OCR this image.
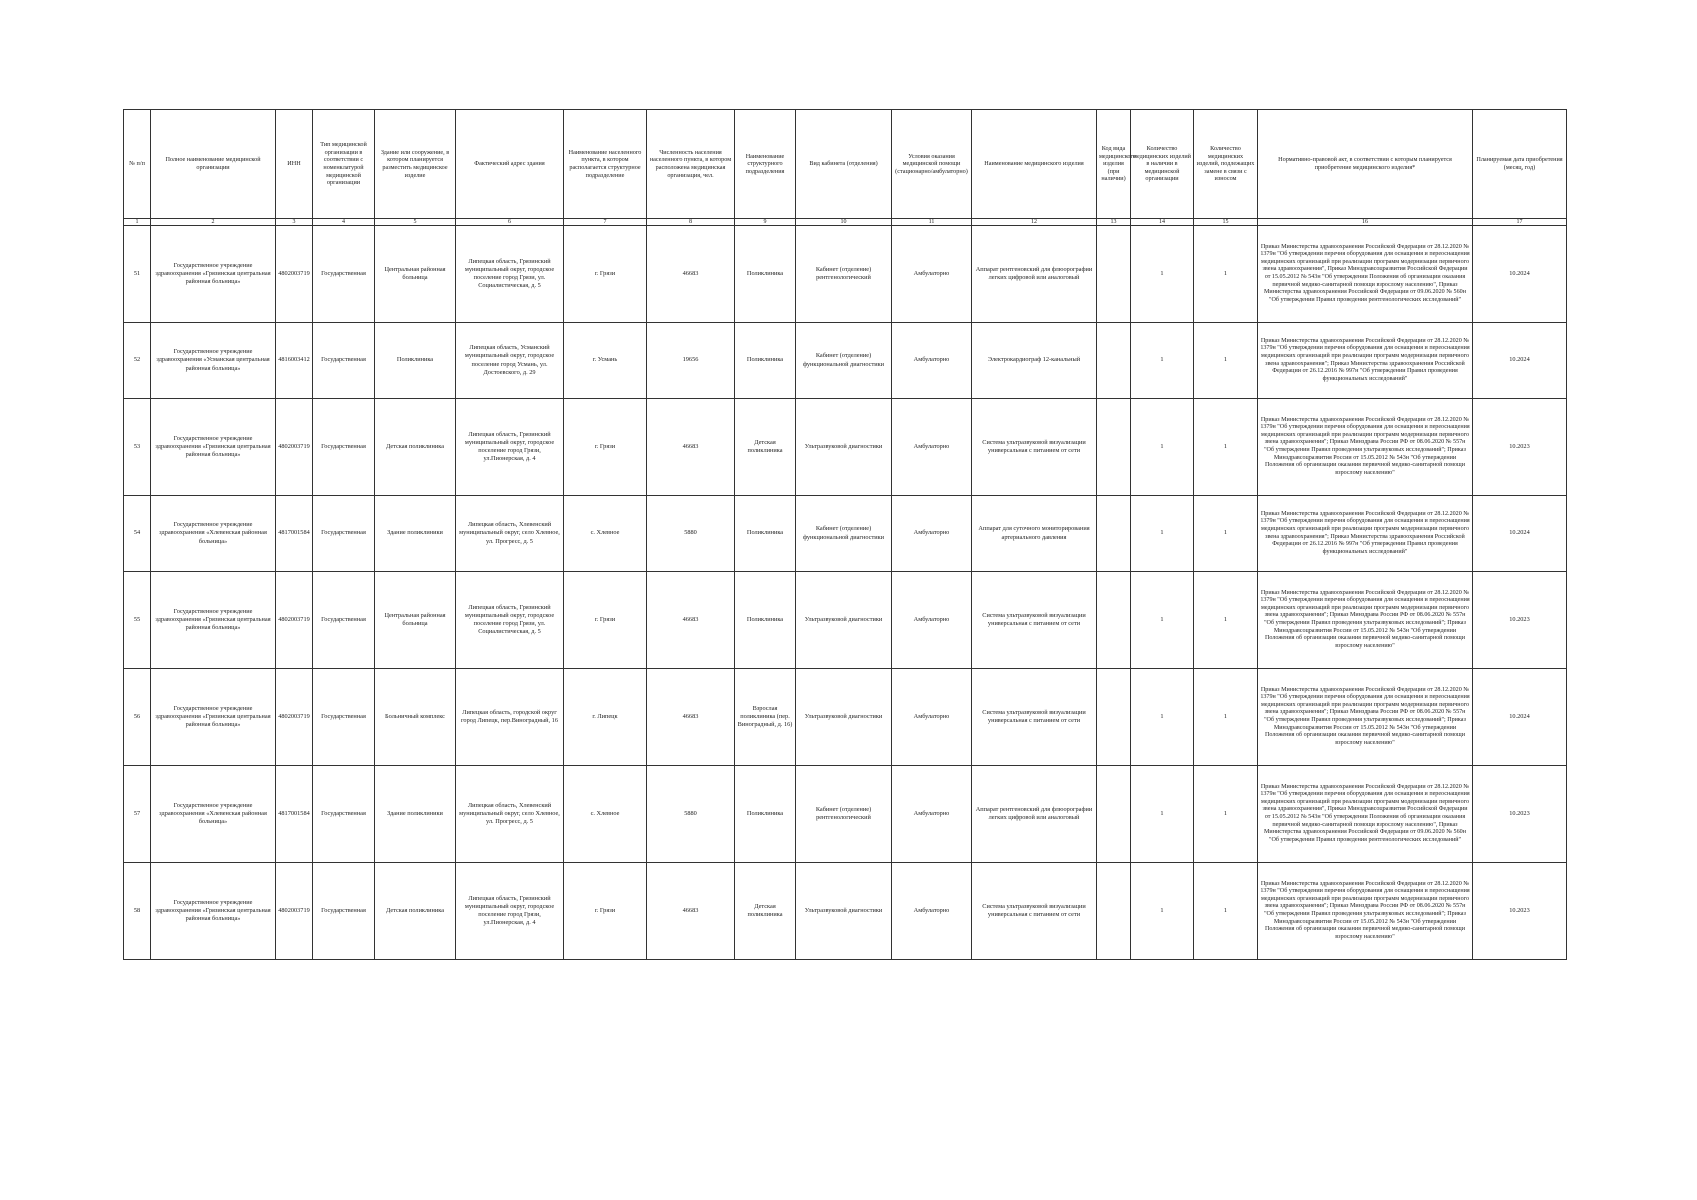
№ п/п	Полное наименование медицинской организации	ИНН	Тип медицинской организации в соответствии с номенклатурой медицинской организации	Здание или сооружение, в котором планируется разместить медицинское изделие	Фактический адрес здания	Наименование населенного пункта, в котором располагается структурное подразделение	Численность населения населенного пункта, в котором расположена медицинская организация, чел.	Наименование структурного подразделения	Вид кабинета (отделения)	Условия оказания медицинской помощи (стационарно/амбулаторно)	Наименование медицинского изделия	Код вида медицинского изделия (при наличии)	Количество медицинских изделий в наличии в медицинской организации	Количество медицинских изделий, подлежащих замене в связи с износом	Нормативно-правовой акт, в соответствии с которым планируется приобретение медицинского изделия*	Планируемая дата приобретения (месяц, год)
1	2	3	4	5	6	7	8	9	10	11	12	13	14	15	16	17
51	Государственное учреждение здравоохранения «Грязинская центральная районная больница»	4802003719	Государственная	Центральная районная больница	Липецкая область, Грязинский муниципальный округ, городское поселение город Грязи, ул. Социалистическая, д. 5	г. Грязи	46683	Поликлиника	Кабинет (отделение) рентгенологический	Амбулаторно	Аппарат рентгеновский для флюорографии легких цифровой или аналоговый		1	1	Приказ Министерства здравоохранения Российской Федерации от 28.12.2020 № 1379н "Об утверждении перечня оборудования для оснащения и переоснащения медицинских организаций при реализации программ модернизации первичного звена здравоохранения", Приказ Минздравсоцразвития Российской Федерации от 15.05.2012 № 543н "Об утверждении Положения об организации оказания первичной медико-санитарной помощи взрослому населению", Приказ Министерства здравоохранения Российской Федерации от 09.06.2020 № 560н "Об утверждении Правил проведения рентгенологических исследований"	10.2024
52	Государственное учреждение здравоохранения «Усманская центральная районная больница»	4816003412	Государственная	Поликлиника	Липецкая область, Усманский муниципальный округ, городское поселение город Усмань, ул. Достоевского, д. 29	г. Усмань	19656	Поликлиника	Кабинет (отделение) функциональной диагностики	Амбулаторно	Электрокардиограф 12-канальный		1	1	Приказ Министерства здравоохранения Российской Федерации от 28.12.2020 № 1379н "Об утверждении перечня оборудования для оснащения и переоснащения медицинских организаций при реализации программ модернизации первичного звена здравоохранения"; Приказ Министерства здравоохранения Российской Федерации от 26.12.2016 № 997н "Об утверждении Правил проведения функциональных исследований"	10.2024
53	Государственное учреждение здравоохранения «Грязинская центральная районная больница»	4802003719	Государственная	Детская поликлиника	Липецкая область, Грязинский муниципальный округ, городское поселение город Грязи, ул.Пионерская, д. 4	г. Грязи	46683	Детская поликлиника	Ультразвуковой диагностики	Амбулаторно	Система ультразвуковой визуализации универсальная с питанием от сети		1	1	Приказ Министерства здравоохранения Российской Федерации от 28.12.2020 № 1379н "Об утверждении перечня оборудования для оснащения и переоснащения медицинских организаций при реализации программ модернизации первичного звена здравоохранения"; Приказ Минздрава России РФ от 08.06.2020 № 557н "Об утверждении Правил проведения ультразвуковых исследований"; Приказ Минздравсоцразвития России от 15.05.2012 № 543н "Об утверждении Положения об организации оказания первичной медико-санитарной помощи взрослому населению"	10.2023
54	Государственное учреждение здравоохранения «Хлевенская районная больница»	4817001584	Государственная	Здание поликлиники	Липецкая область, Хлевенский муниципальный округ, село Хлевное, ул. Прогресс, д. 5	с. Хлевное	5880	Поликлиника	Кабинет (отделение) функциональной диагностики	Амбулаторно	Аппарат для суточного мониторирования артериального давления		1	1	Приказ Министерства здравоохранения Российской Федерации от 28.12.2020 № 1379н "Об утверждении перечня оборудования для оснащения и переоснащения медицинских организаций при реализации программ модернизации первичного звена здравоохранения"; Приказ Министерства здравоохранения Российской Федерации от 26.12.2016 № 997н "Об утверждении Правил проведения функциональных исследований"	10.2024
55	Государственное учреждение здравоохранения «Грязинская центральная районная больница»	4802003719	Государственная	Центральная районная больница	Липецкая область, Грязинский муниципальный округ, городское поселение город Грязи, ул. Социалистическая, д. 5	г. Грязи	46683	Поликлиника	Ультразвуковой диагностики	Амбулаторно	Система ультразвуковой визуализации универсальная с питанием от сети		1	1	Приказ Министерства здравоохранения Российской Федерации от 28.12.2020 № 1379н "Об утверждении перечня оборудования для оснащения и переоснащения медицинских организаций при реализации программ модернизации первичного звена здравоохранения"; Приказ Минздрава России РФ от 08.06.2020 № 557н "Об утверждении Правил проведения ультразвуковых исследований"; Приказ Минздравсоцразвития России от 15.05.2012 № 543н "Об утверждении Положения об организации оказания первичной медико-санитарной помощи взрослому населению"	10.2023
56	Государственное учреждение здравоохранения «Грязинская центральная районная больница»	4802003719	Государственная	Больничный комплекс	Липецкая область, городской округ город Липецк, пер.Виноградный, 16	г. Липецк	46683	Взрослая поликлиника (пер. Виноградный, д. 16)	Ультразвуковой диагностики	Амбулаторно	Система ультразвуковой визуализации универсальная с питанием от сети		1	1	Приказ Министерства здравоохранения Российской Федерации от 28.12.2020 № 1379н "Об утверждении перечня оборудования для оснащения и переоснащения медицинских организаций при реализации программ модернизации первичного звена здравоохранения"; Приказ Минздрава России РФ от 08.06.2020 № 557н "Об утверждении Правил проведения ультразвуковых исследований"; Приказ Минздравсоцразвития России от 15.05.2012 № 543н "Об утверждении Положения об организации оказания первичной медико-санитарной помощи взрослому населению"	10.2024
57	Государственное учреждение здравоохранения «Хлевенская районная больница»	4817001584	Государственная	Здание поликлиники	Липецкая область, Хлевенский муниципальный округ, село Хлевное, ул. Прогресс, д. 5	с. Хлевное	5880	Поликлиника	Кабинет (отделение) рентгенологический	Амбулаторно	Аппарат рентгеновский для флюорографии легких цифровой или аналоговый		1	1	Приказ Министерства здравоохранения Российской Федерации от 28.12.2020 № 1379н "Об утверждении перечня оборудования для оснащения и переоснащения медицинских организаций при реализации программ модернизации первичного звена здравоохранения", Приказ Минздравсоцразвития Российской Федерации от 15.05.2012 № 543н "Об утверждении Положения об организации оказания первичной медико-санитарной помощи взрослому населению", Приказ Министерства здравоохранения Российской Федерации от 09.06.2020 № 560н "Об утверждении Правил проведения рентгенологических исследований"	10.2023
58	Государственное учреждение здравоохранения «Грязинская центральная районная больница»	4802003719	Государственная	Детская поликлиника	Липецкая область, Грязинский муниципальный округ, городское поселение город Грязи, ул.Пионерская, д. 4	г. Грязи	46683	Детская поликлиника	Ультразвуковой диагностики	Амбулаторно	Система ультразвуковой визуализации универсальная с питанием от сети		1	1	Приказ Министерства здравоохранения Российской Федерации от 28.12.2020 № 1379н "Об утверждении перечня оборудования для оснащения и переоснащения медицинских организаций при реализации программ модернизации первичного звена здравоохранения"; Приказ Минздрава России РФ от 08.06.2020 № 557н "Об утверждении Правил проведения ультразвуковых исследований"; Приказ Минздравсоцразвития России от 15.05.2012 № 543н "Об утверждении Положения об организации оказания первичной медико-санитарной помощи взрослому населению"	10.2023
